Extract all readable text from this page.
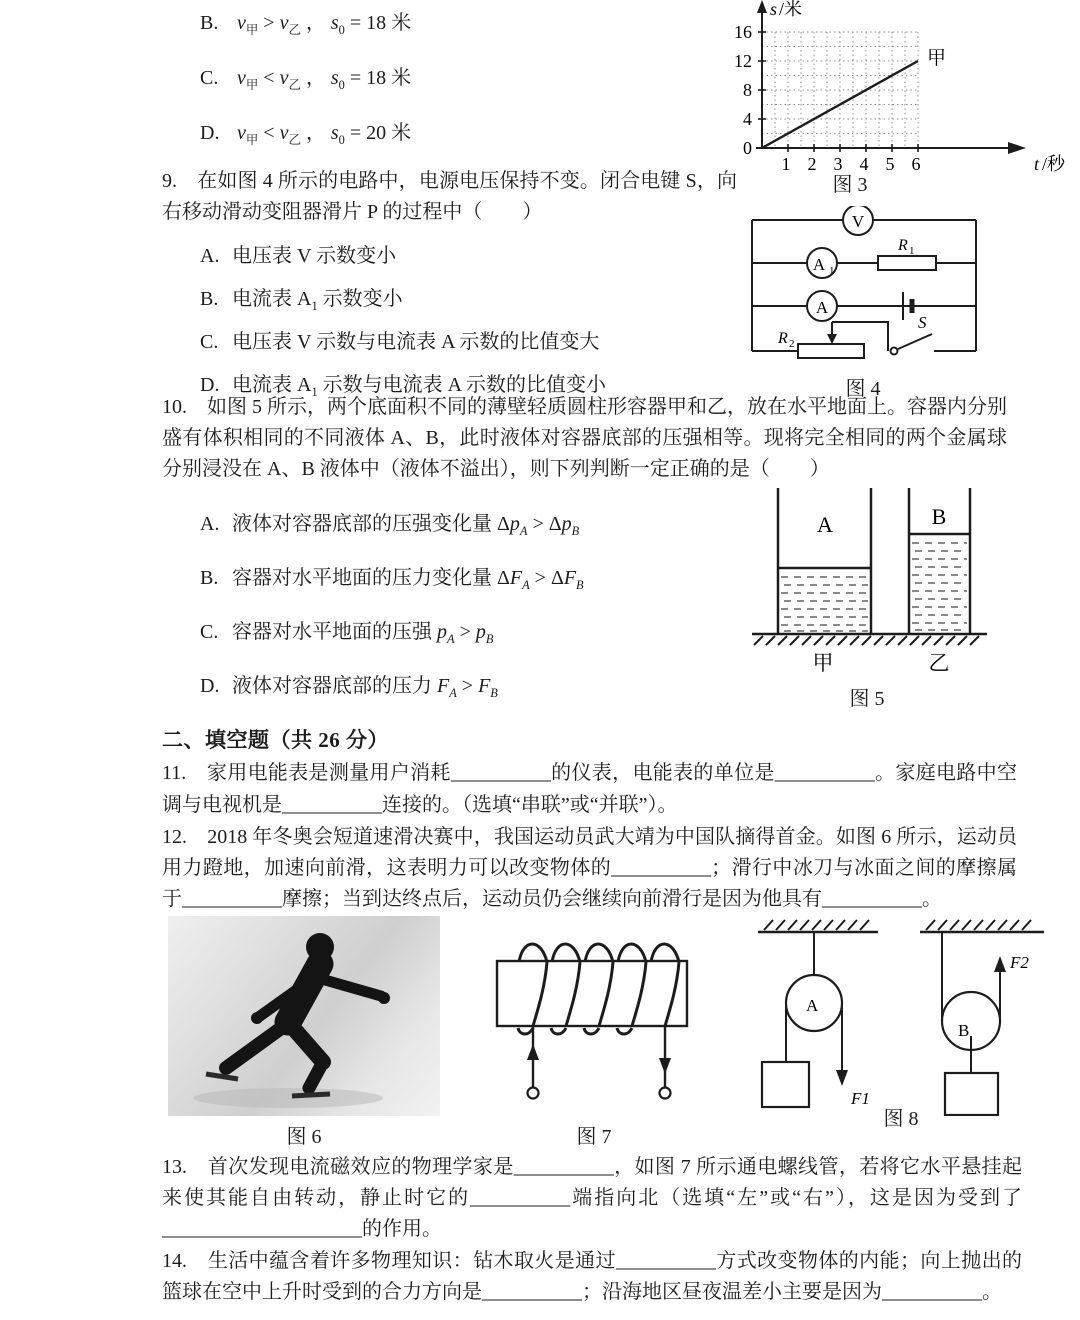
B. $v_甲 > v_乙$ ， $s_0 = 18$ 米
C. $v_甲 < v_乙$ ， $s_0 = 18$ 米
D. $v_甲 < v_乙$ ， $s_0 = 20$ 米
s /米
16
12
8
4
0
1 2 3 4 5 6	t /秒
甲
图 3

9.　 在如图 4 所示的电路中，电源电压保持不变。闭合电键 S，向右移动滑动变阻器滑片 P 的过程中（　　）

A. 电压表 V 示数变小
B. 电流表 $A_1$ 示数变小
C. 电压表 V 示数与电流表 A 示数的比值变大
D. 电流表 $A_1$ 示数与电流表 A 示数的比值变小
V
A 1
R 1
A
R 2
S
图 4

10.　 如图 5 所示，两个底面积不同的薄壁轻质圆柱形容器甲和乙，放在水平地面上。容器内分别盛有体积相同的不同液体 A、B，此时液体对容器底部的压强相等。现将完全相同的两个金属球分别浸没在 A、B 液体中（液体不溢出），则下列判断一定正确的是（　　）

A. 液体对容器底部的压强变化量 $\Delta p_A > \Delta p_B$
B. 容器对水平地面的压力变化量 $\Delta F_A > \Delta F_B$
C. 容器对水平地面的压强 $p_A > p_B$
D. 液体对容器底部的压力 $F_A > F_B$
A	B
甲	乙
图 5
二、填空题（共 26 分）
11.　 家用电能表是测量用户消耗__________的仪表，电能表的单位是__________。家庭电路中空调与电视机是__________连接的。（选填“串联”或“并联”）。
12.　 2018 年冬奥会短道速滑决赛中，我国运动员武大靖为中国队摘得首金。如图 6 所示，运动员用力蹬地，加速向前滑，这表明力可以改变物体的__________；滑行中冰刀与冰面之间的摩擦属于__________摩擦；当到达终点后，运动员仍会继续向前滑行是因为他具有__________。
图 6	图 7
A
F1
B
F2
图 8
13.　 首次发现电流磁效应的物理学家是__________，如图 7 所示通电螺线管，若将它水平悬挂起来使其能自由转动，静止时它的__________端指向北（选填“左”或“右”），这是因为受到了____________________的作用。
14.　 生活中蕴含着许多物理知识：钻木取火是通过__________方式改变物体的内能；向上抛出的篮球在空中上升时受到的合力方向是__________；沿海地区昼夜温差小主要是因为__________。
